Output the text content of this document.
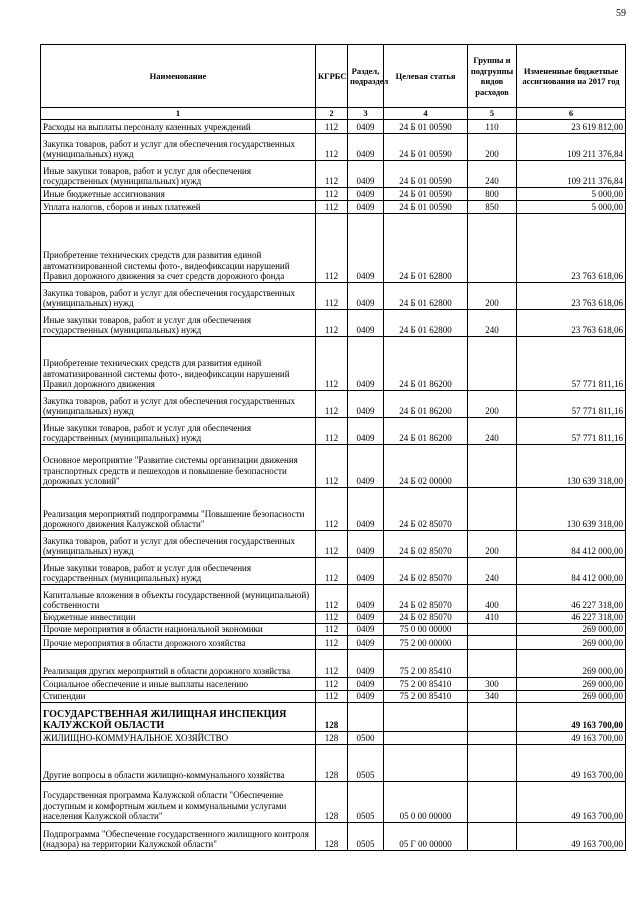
59
Наименование	КГРБС	Раздел, подраздел	Целевая статья	Группы и подгруппы видов расходов	Измененные бюджетные ассигнования на 2017 год
1	2	3	4	5	6
Расходы на выплаты персоналу казенных учреждений	112	0409	24 Б 01 00590	110	23 619 812,00
Закупка товаров, работ и услуг для обеспечения государственных (муниципальных) нужд	112	0409	24 Б 01 00590	200	109 211 376,84
Иные закупки товаров, работ и услуг для обеспечения государственных (муниципальных) нужд	112	0409	24 Б 01 00590	240	109 211 376,84
Иные бюджетные ассигнования	112	0409	24 Б 01 00590	800	5 000,00
Уплата налогов, сборов и иных платежей	112	0409	24 Б 01 00590	850	5 000,00
Приобретение технических средств для развития единой автоматизированной системы фото-, видеофиксации нарушений Правил дорожного движения за счет средств дорожного фонда	112	0409	24 Б 01 62800		23 763 618,06
Закупка товаров, работ и услуг для обеспечения государственных (муниципальных) нужд	112	0409	24 Б 01 62800	200	23 763 618,06
Иные закупки товаров, работ и услуг для обеспечения государственных (муниципальных) нужд	112	0409	24 Б 01 62800	240	23 763 618,06
Приобретение технических средств для развития единой автоматизированной системы фото-, видеофиксации нарушений Правил дорожного движения	112	0409	24 Б 01 86200		57 771 811,16
Закупка товаров, работ и услуг для обеспечения государственных (муниципальных) нужд	112	0409	24 Б 01 86200	200	57 771 811,16
Иные закупки товаров, работ и услуг для обеспечения государственных (муниципальных) нужд	112	0409	24 Б 01 86200	240	57 771 811,16
Основное мероприятие "Развитие системы организации движения транспортных средств и пешеходов и повышение безопасности дорожных условий"	112	0409	24 Б 02 00000		130 639 318,00
Реализация мероприятий подпрограммы "Повышение безопасности дорожного движения Калужской области"	112	0409	24 Б 02 85070		130 639 318,00
Закупка товаров, работ и услуг для обеспечения государственных (муниципальных) нужд	112	0409	24 Б 02 85070	200	84 412 000,00
Иные закупки товаров, работ и услуг для обеспечения государственных (муниципальных) нужд	112	0409	24 Б 02 85070	240	84 412 000,00
Капитальные вложения в объекты государственной (муниципальной) собственности	112	0409	24 Б 02 85070	400	46 227 318,00
Бюджетные инвестиции	112	0409	24 Б 02 85070	410	46 227 318,00
Прочие мероприятия в области национальной экономики	112	0409	75 0 00 00000		269 000,00
Прочие мероприятия в области дорожного хозяйства	112	0409	75 2 00 00000		269 000,00
Реализация других мероприятий в области дорожного хозяйства	112	0409	75 2 00 85410		269 000,00
Социальное обеспечение и иные выплаты населению	112	0409	75 2 00 85410	300	269 000,00
Стипендии	112	0409	75 2 00 85410	340	269 000,00
ГОСУДАРСТВЕННАЯ ЖИЛИЩНАЯ ИНСПЕКЦИЯ КАЛУЖСКОЙ ОБЛАСТИ	128				49 163 700,00
ЖИЛИЩНО-КОММУНАЛЬНОЕ ХОЗЯЙСТВО	128	0500			49 163 700,00
Другие вопросы в области жилищно-коммунального хозяйства	128	0505			49 163 700,00
Государственная программа Калужской области "Обеспечение доступным и комфортным жильем и коммунальными услугами населения Калужской области"	128	0505	05 0 00 00000		49 163 700,00
Подпрограмма "Обеспечение государственного жилищного контроля (надзора) на территории Калужской области"	128	0505	05 Г 00 00000		49 163 700,00
